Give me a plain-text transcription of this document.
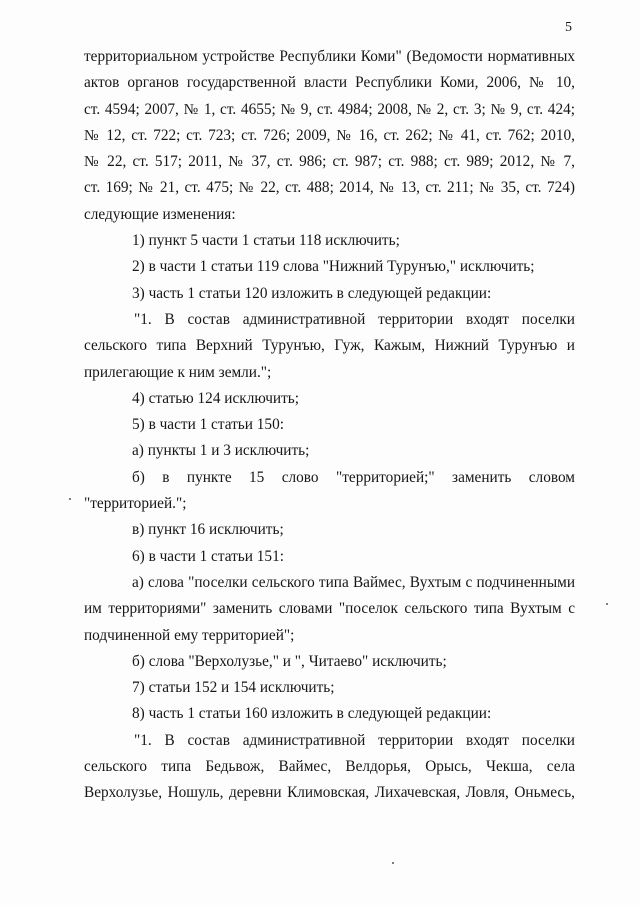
5
территориальном устройстве Республики Коми" (Ведомости нормативных
актов органов государственной власти Республики Коми, 2006, № 10,
ст. 4594; 2007, № 1, ст. 4655; № 9, ст. 4984; 2008, № 2, ст. 3; № 9, ст. 424;
№ 12, ст. 722; ст. 723; ст. 726; 2009, № 16, ст. 262; № 41, ст. 762; 2010,
№ 22, ст. 517; 2011, № 37, ст. 986; ст. 987; ст. 988; ст. 989; 2012, № 7,
ст. 169; № 21, ст. 475; № 22, ст. 488; 2014, № 13, ст. 211; № 35, ст. 724)
следующие изменения:
1) пункт 5 части 1 статьи 118 исключить;
2) в части 1 статьи 119 слова "Нижний Турунъю," исключить;
3) часть 1 статьи 120 изложить в следующей редакции:
"1. В состав административной территории входят поселки
сельского типа Верхний Турунъю, Гуж, Кажым, Нижний Турунъю и
прилегающие к ним земли.";
4) статью 124 исключить;
5) в части 1 статьи 150:
а) пункты 1 и 3 исключить;
б) в пункте 15 слово "территорией;" заменить словом
"территорией.";
в) пункт 16 исключить;
6) в части 1 статьи 151:
а) слова "поселки сельского типа Ваймес, Вухтым с подчиненными
им территориями" заменить словами "поселок сельского типа Вухтым с
подчиненной ему территорией";
б) слова "Верхолузье," и ", Читаево" исключить;
7) статьи 152 и 154 исключить;
8) часть 1 статьи 160 изложить в следующей редакции:
"1. В состав административной территории входят поселки
сельского типа Бедьвож, Ваймес, Велдорья, Орысь, Чекша, села
Верхолузье, Ношуль, деревни Климовская, Лихачевская, Ловля, Оньмесь,
